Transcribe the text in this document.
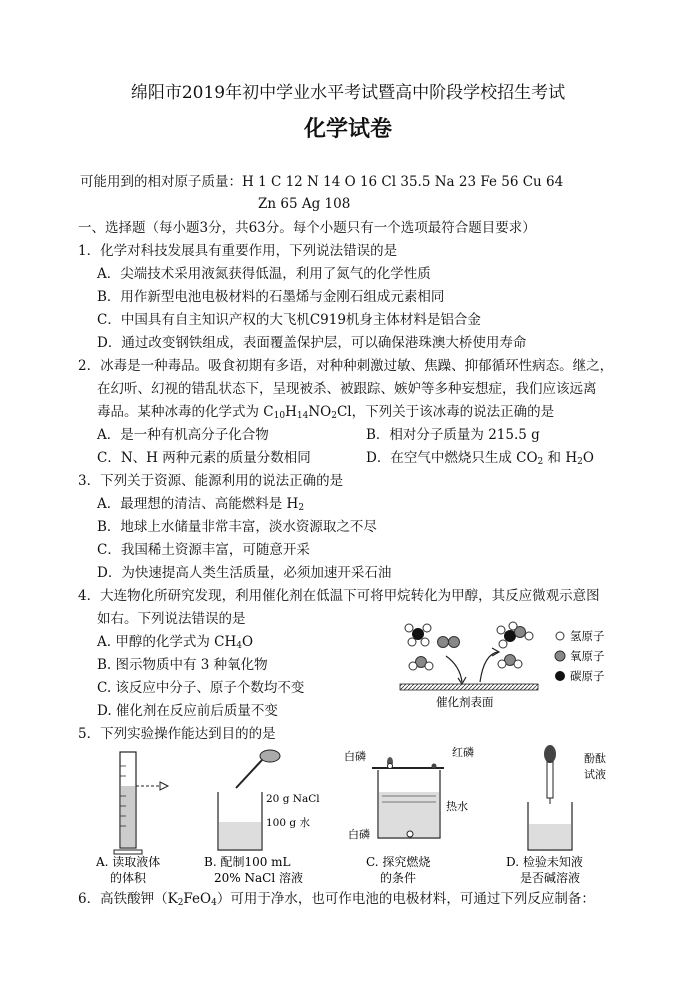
绵阳市2019年初中学业水平考试暨高中阶段学校招生考试
化学试卷
可能用到的相对原子质量：H 1 C 12 N 14 O 16 Cl 35.5 Na 23 Fe 56 Cu 64
Zn 65 Ag 108
一、选择题（每小题3分，共63分。每个小题只有一个选项最符合题目要求）
1．化学对科技发展具有重要作用，下列说法错误的是
A．尖端技术采用液氮获得低温，利用了氮气的化学性质
B．用作新型电池电极材料的石墨烯与金刚石组成元素相同
C．中国具有自主知识产权的大飞机C919机身主体材料是铝合金
D．通过改变钢铁组成，表面覆盖保护层，可以确保港珠澳大桥使用寿命
2．冰毒是一种毒品。吸食初期有多语，对种种刺激过敏、焦躁、抑郁循环性病态。继之，
在幻听、幻视的错乱状态下，呈现被杀、被跟踪、嫉妒等多种妄想症，我们应该远离
毒品。某种冰毒的化学式为 $C_{10}H_{14}NO_2Cl$，下列关于该冰毒的说法正确的是
A．是一种有机高分子化合物	B．相对分子质量为 215.5 g
C．N、H 两种元素的质量分数相同	D．在空气中燃烧只生成 $CO_2$ 和 $H_2O$
3．下列关于资源、能源利用的说法正确的是
A．最理想的清洁、高能燃料是 $H_2$
B．地球上水储量非常丰富，淡水资源取之不尽
C．我国稀土资源丰富，可随意开采
D．为快速提高人类生活质量，必须加速开采石油
4．大连物化所研究发现，利用催化剂在低温下可将甲烷转化为甲醇，其反应微观示意图
如右。下列说法错误的是
A. 甲醇的化学式为 $CH_4O$
B. 图示物质中有 3 种氧化物
C. 该反应中分子、原子个数均不变
D. 催化剂在反应前后质量不变
催化剂表面
氢原子
氧原子
碳原子
5．下列实验操作能达到目的的是
A. 读取液体
的体积
20 g NaCl
100 g 水
B. 配制100 mL
20% NaCl 溶液
白磷	红磷
热水
白磷
C. 探究燃烧
的条件
酚酞
试液
D. 检验未知液
是否碱溶液
6．高铁酸钾$(K_2FeO_4)$可用于净水，也可作电池的电极材料，可通过下列反应制备：
